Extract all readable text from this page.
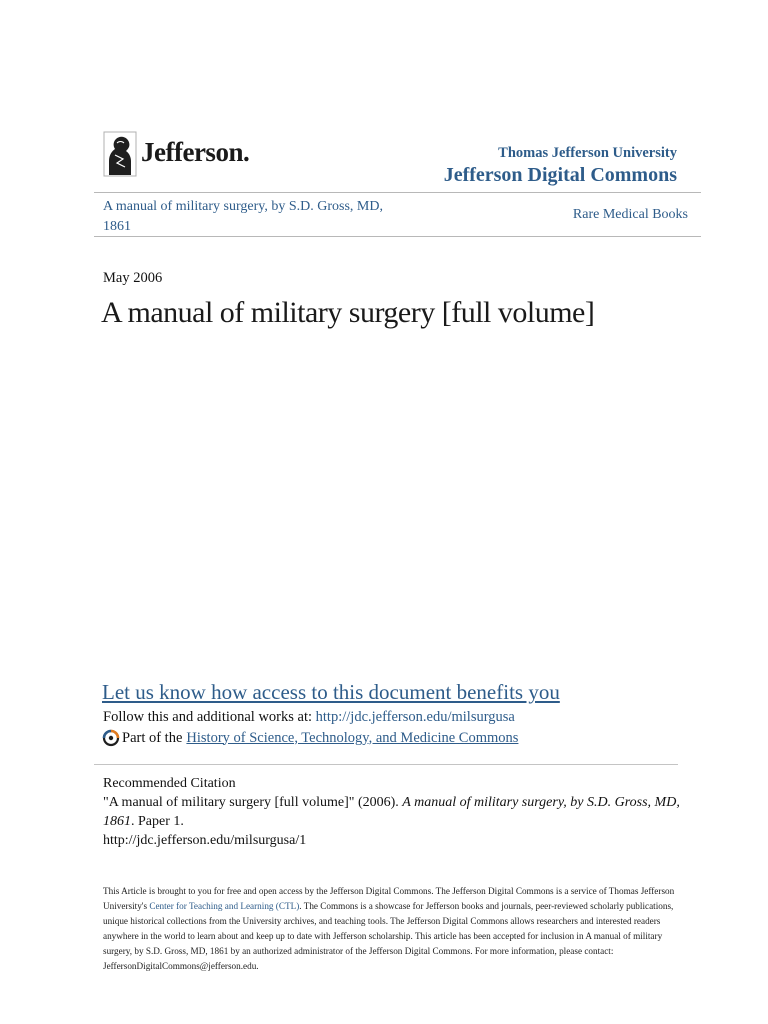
Jefferson.	Thomas Jefferson University
Jefferson Digital Commons
A manual of military surgery, by S.D. Gross, MD, 1861
Rare Medical Books
May 2006
A manual of military surgery [full volume]
Let us know how access to this document benefits you
Follow this and additional works at: http://jdc.jefferson.edu/milsurgusa
Part of the History of Science, Technology, and Medicine Commons
Recommended Citation
"A manual of military surgery [full volume]" (2006). A manual of military surgery, by S.D. Gross, MD, 1861. Paper 1.
http://jdc.jefferson.edu/milsurgusa/1
This Article is brought to you for free and open access by the Jefferson Digital Commons. The Jefferson Digital Commons is a service of Thomas Jefferson University's Center for Teaching and Learning (CTL). The Commons is a showcase for Jefferson books and journals, peer-reviewed scholarly publications, unique historical collections from the University archives, and teaching tools. The Jefferson Digital Commons allows researchers and interested readers anywhere in the world to learn about and keep up to date with Jefferson scholarship. This article has been accepted for inclusion in A manual of military surgery, by S.D. Gross, MD, 1861 by an authorized administrator of the Jefferson Digital Commons. For more information, please contact: JeffersonDigitalCommons@jefferson.edu.
